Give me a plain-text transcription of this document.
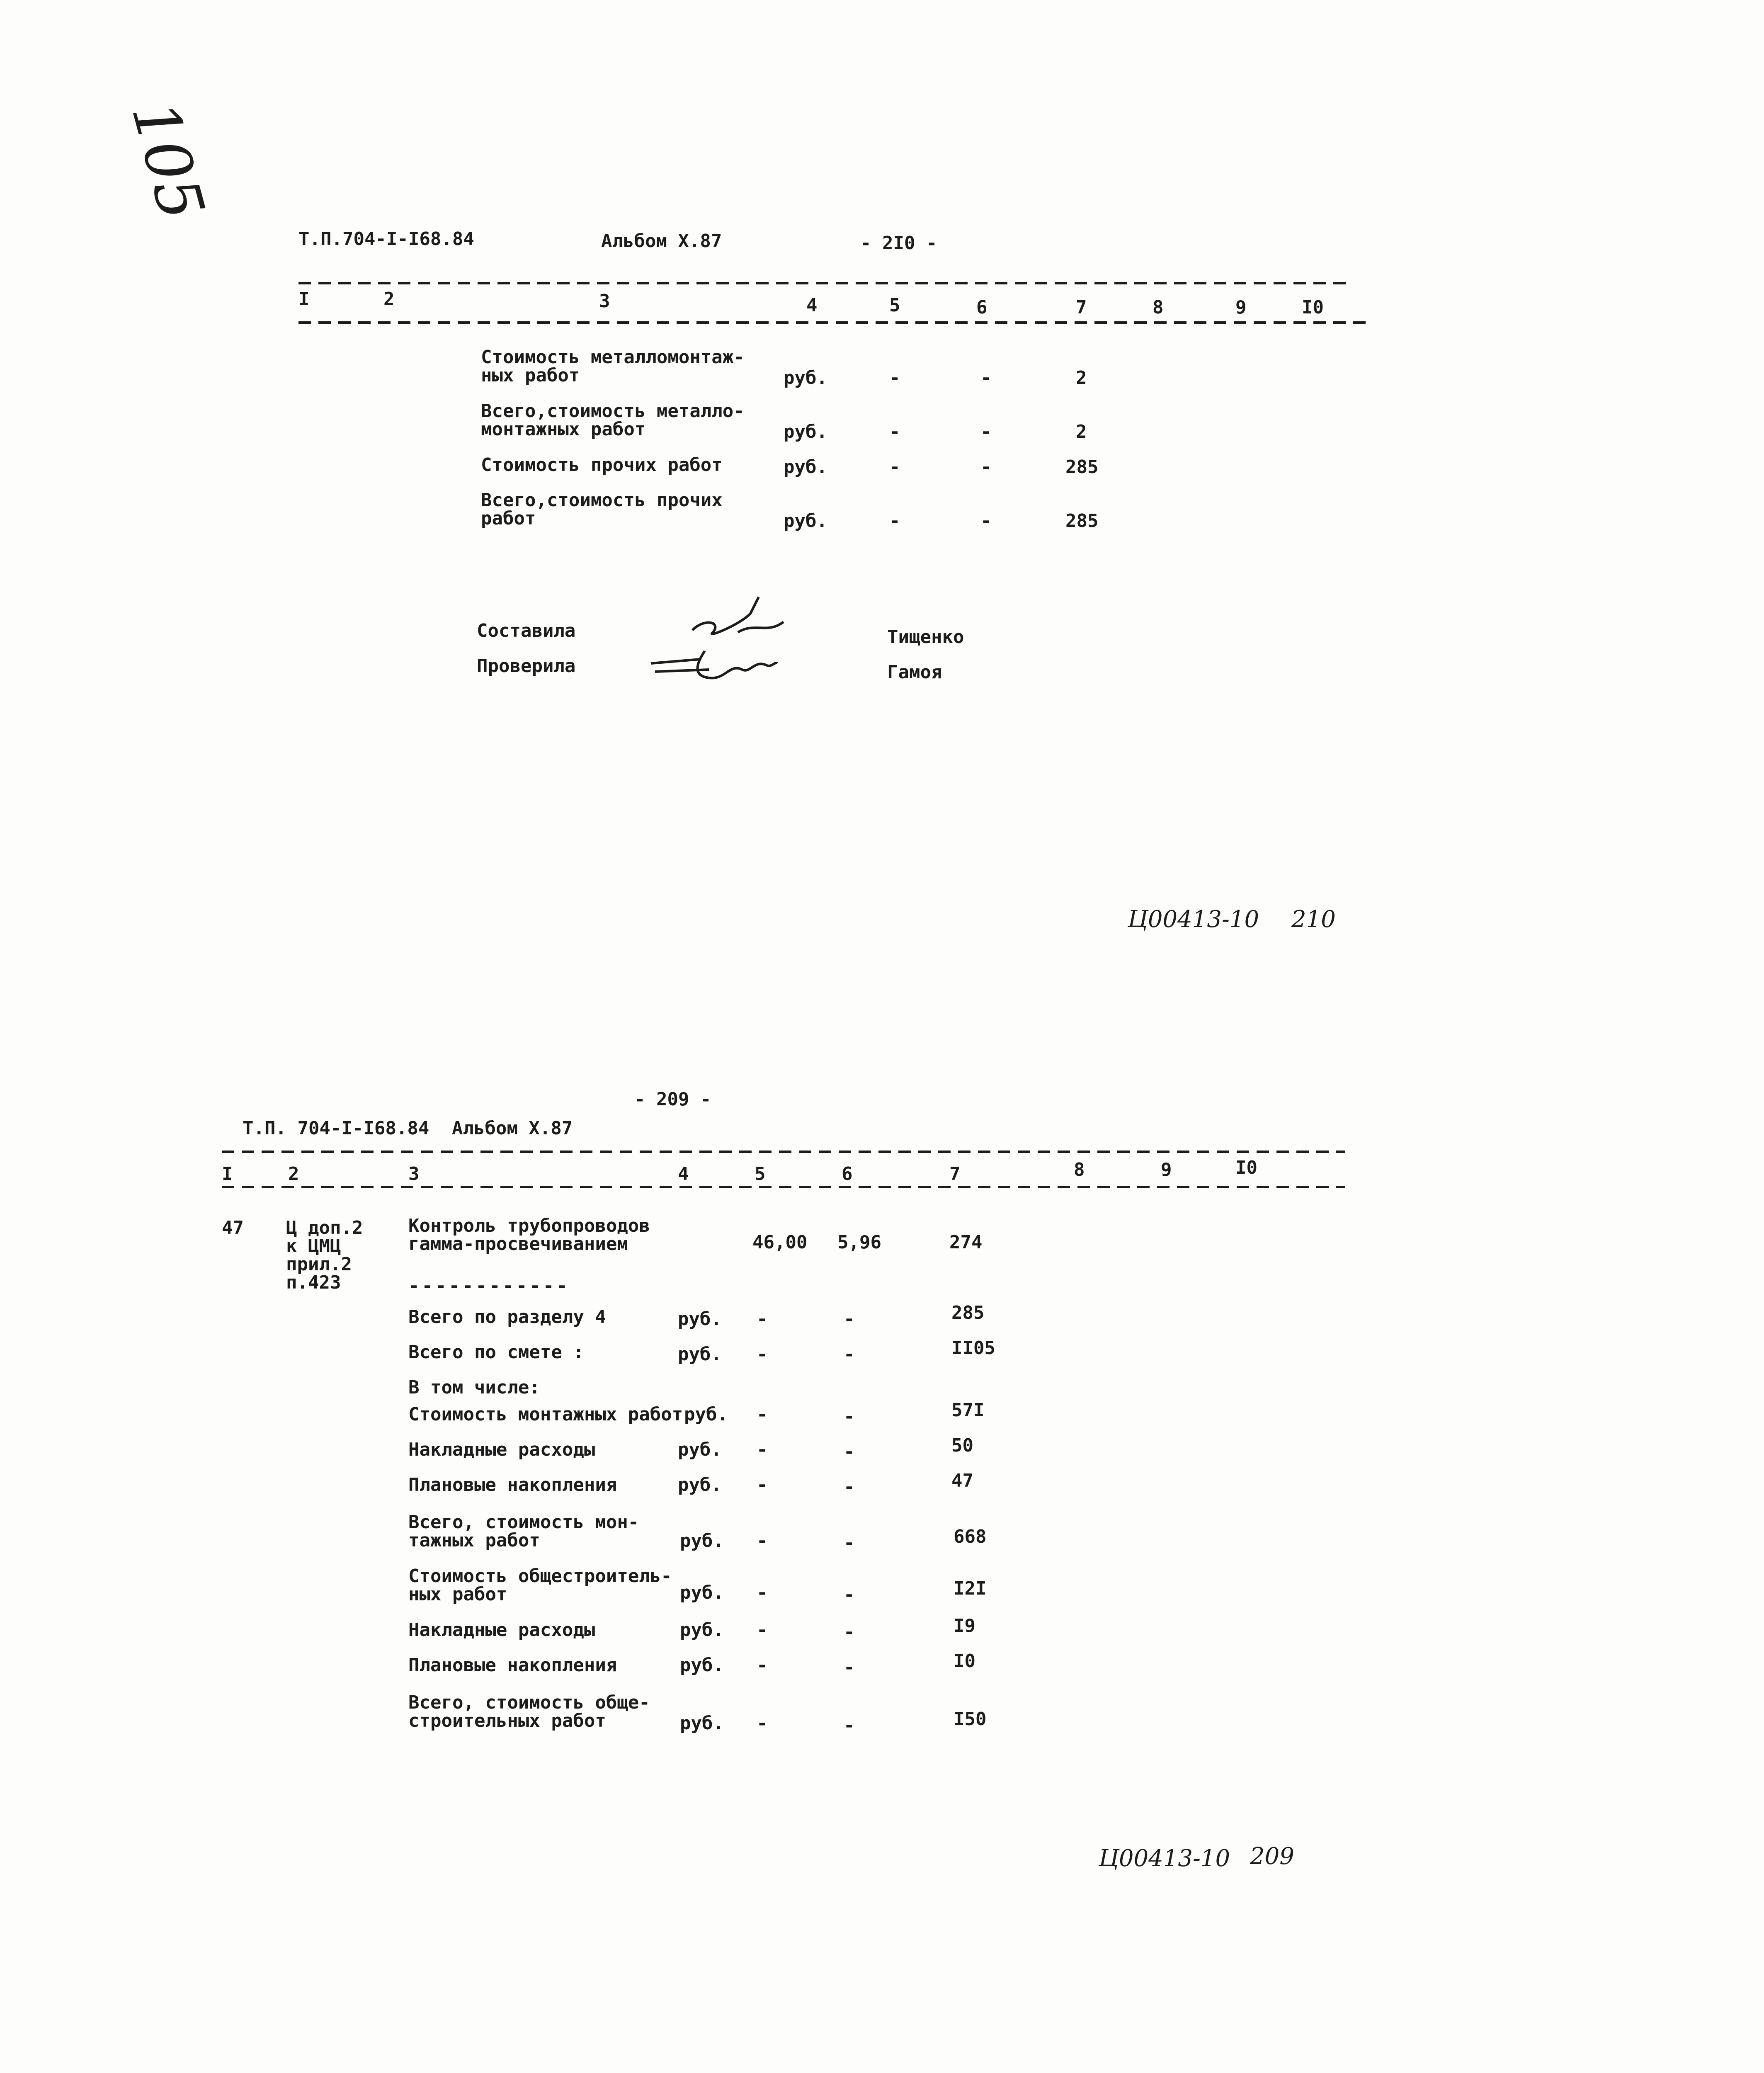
105
Т.П.704-I-I68.84	Альбом X.87	- 2I0 -
I	2	3	4	5	6	7	8	9	I0
Стоимость металломонтаж-
ных работ	руб.	-	-	2
Всего,стоимость металло-
монтажных работ	руб.	-	-	2
Стоимость прочих работ	руб.	-	-	285
Всего,стоимость прочих
работ	руб.	-	-	285
Составила	Тищенко
Проверила	Гамоя
Ц00413-10 210
- 209 -
Т.П. 704-I-I68.84 Альбом X.87
I	2	3	4	5	6	7	8	9	I0
47 Ц доп.2
к ЦМЦ
прил.2
п.423
Контроль трубопроводов
гамма-просвечиванием	46,00 5,96	274
------------
Всего по разделу 4	руб. -	-	285
Всего по смете :	руб. -	-	II05
В том числе:
Стоимость монтажных работ руб. -	-	57I
Накладные расходы	руб. -	-	50
Плановые накопления	руб. -	-	47
Всего, стоимость мон-
тажных работ	руб. -	-	668
Стоимость общестроитель-
ных работ	руб. -	-	I2I
Накладные расходы	руб. -	-	I9
Плановые накопления	руб. -	-	I0
Всего, стоимость обще-
строительных работ	руб. -	-	I50
Ц00413-10 209
